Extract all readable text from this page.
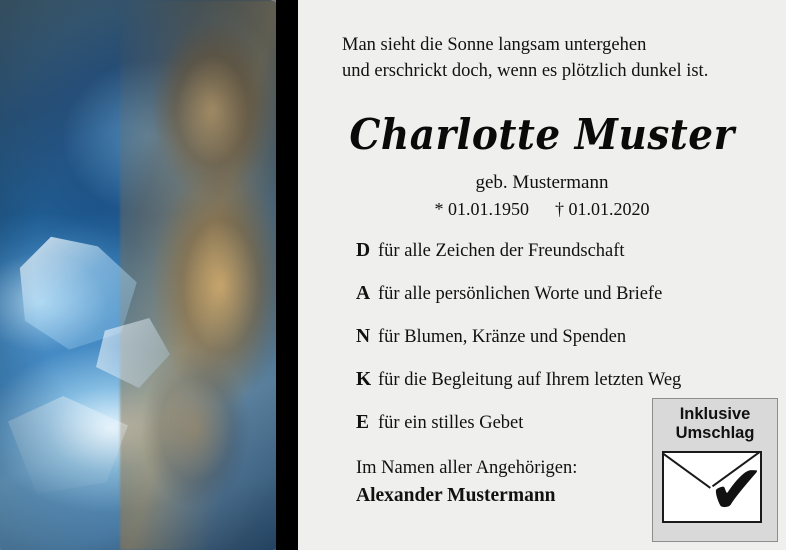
Man sieht die Sonne langsam untergehen
und erschrickt doch, wenn es plötzlich dunkel ist.
Charlotte Muster
geb. Mustermann
* 01.01.1950 † 01.01.2020
D für alle Zeichen der Freundschaft
A für alle persönlichen Worte und Briefe
N für Blumen, Kränze und Spenden
K für die Begleitung auf Ihrem letzten Weg
E für ein stilles Gebet
Im Namen aller Angehörigen:
Alexander Mustermann
Inklusive
Umschlag
✔
